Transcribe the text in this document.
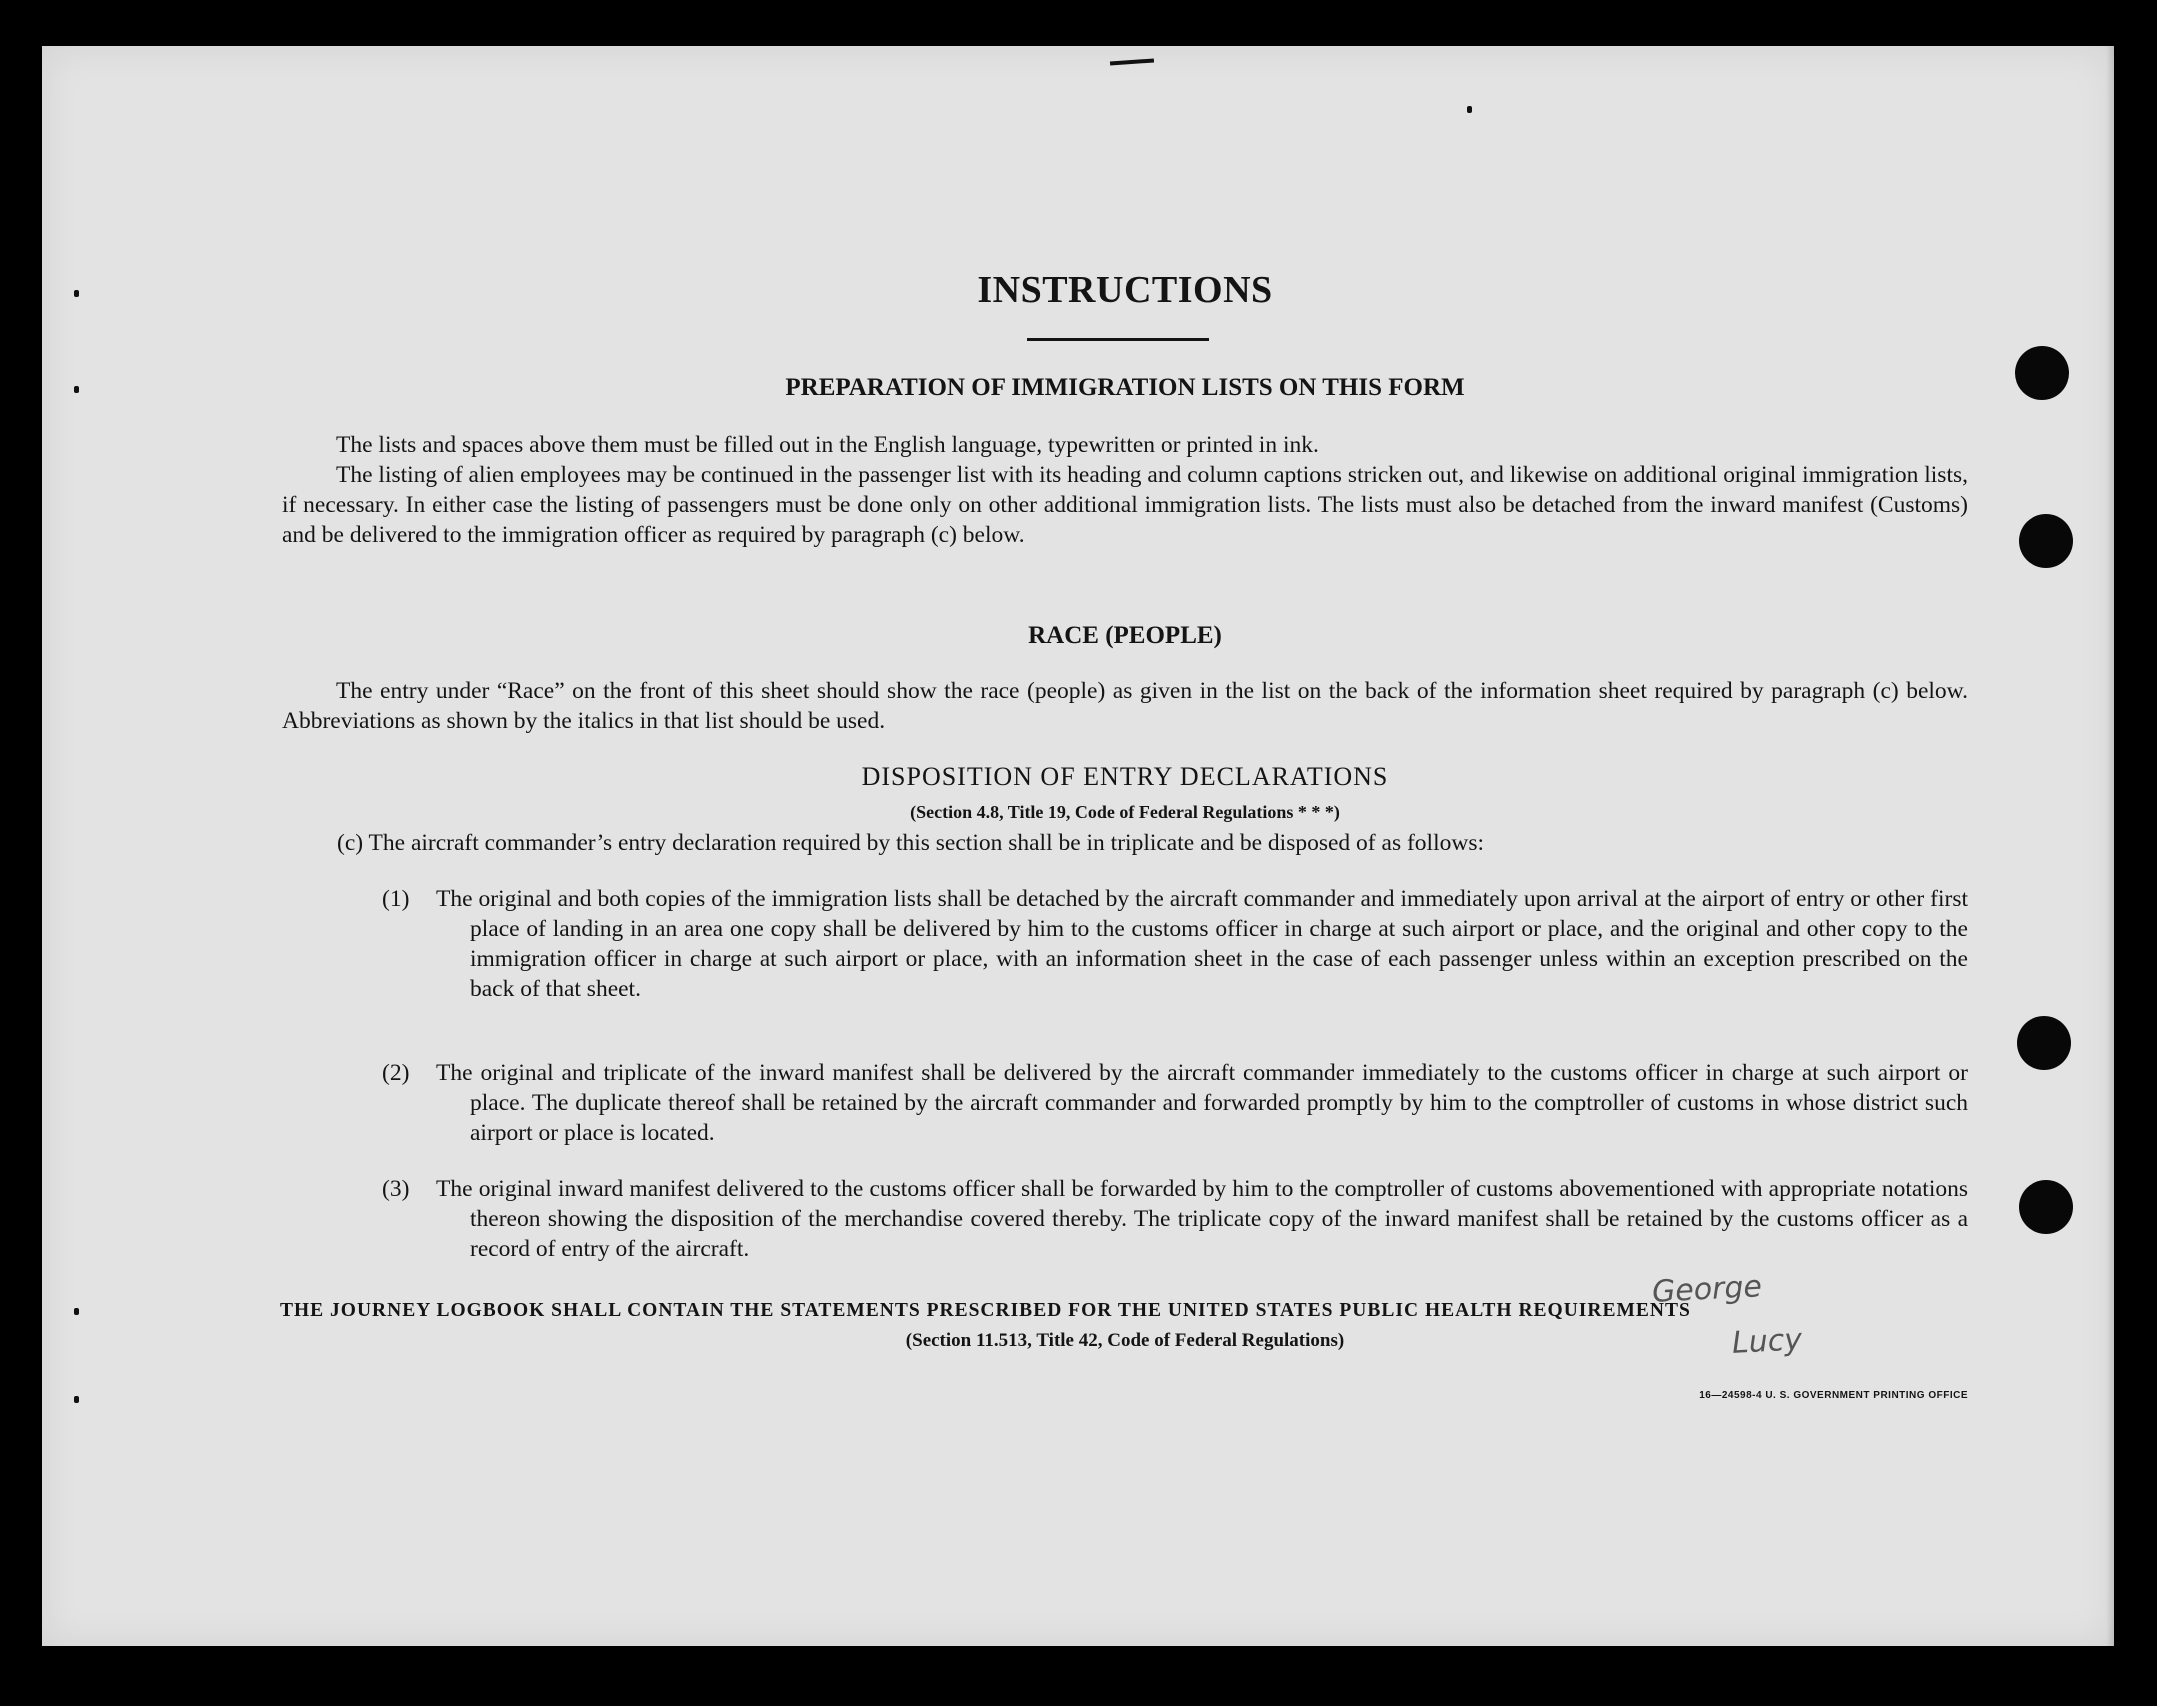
INSTRUCTIONS
PREPARATION OF IMMIGRATION LISTS ON THIS FORM

The lists and spaces above them must be filled out in the English language, typewritten or printed in ink.

The listing of alien employees may be continued in the passenger list with its heading and column captions stricken out, and likewise on additional original immigration lists, if necessary. In either case the listing of passengers must be done only on other additional immigration lists. The lists must also be detached from the inward manifest (Customs) and be delivered to the immigration officer as required by paragraph (c) below.

RACE (PEOPLE)

The entry under “Race” on the front of this sheet should show the race (people) as given in the list on the back of the information sheet required by paragraph (c) below. Abbreviations as shown by the italics in that list should be used.

DISPOSITION OF ENTRY DECLARATIONS
(Section 4.8, Title 19, Code of Federal Regulations * * *)
(c) The aircraft commander’s entry declaration required by this section shall be in triplicate and be disposed of as follows:
(1) The original and both copies of the immigration lists shall be detached by the aircraft commander and immediately upon arrival at the airport of entry or other first place of landing in an area one copy shall be delivered by him to the customs officer in charge at such airport or place, and the original and other copy to the immigration officer in charge at such airport or place, with an information sheet in the case of each passenger unless within an exception prescribed on the back of that sheet.
(2) The original and triplicate of the inward manifest shall be delivered by the aircraft commander immediately to the customs officer in charge at such airport or place. The duplicate thereof shall be retained by the aircraft commander and forwarded promptly by him to the comptroller of customs in whose district such airport or place is located.
(3) The original inward manifest delivered to the customs officer shall be forwarded by him to the comptroller of customs abovementioned with appropriate notations thereon showing the disposition of the merchandise covered thereby. The triplicate copy of the inward manifest shall be retained by the customs officer as a record of entry of the aircraft.
THE JOURNEY LOGBOOK SHALL CONTAIN THE STATEMENTS PRESCRIBED FOR THE UNITED STATES PUBLIC HEALTH REQUIREMENTS
(Section 11.513, Title 42, Code of Federal Regulations)
16—24598-4 U. S. GOVERNMENT PRINTING OFFICE
George
Lucy
